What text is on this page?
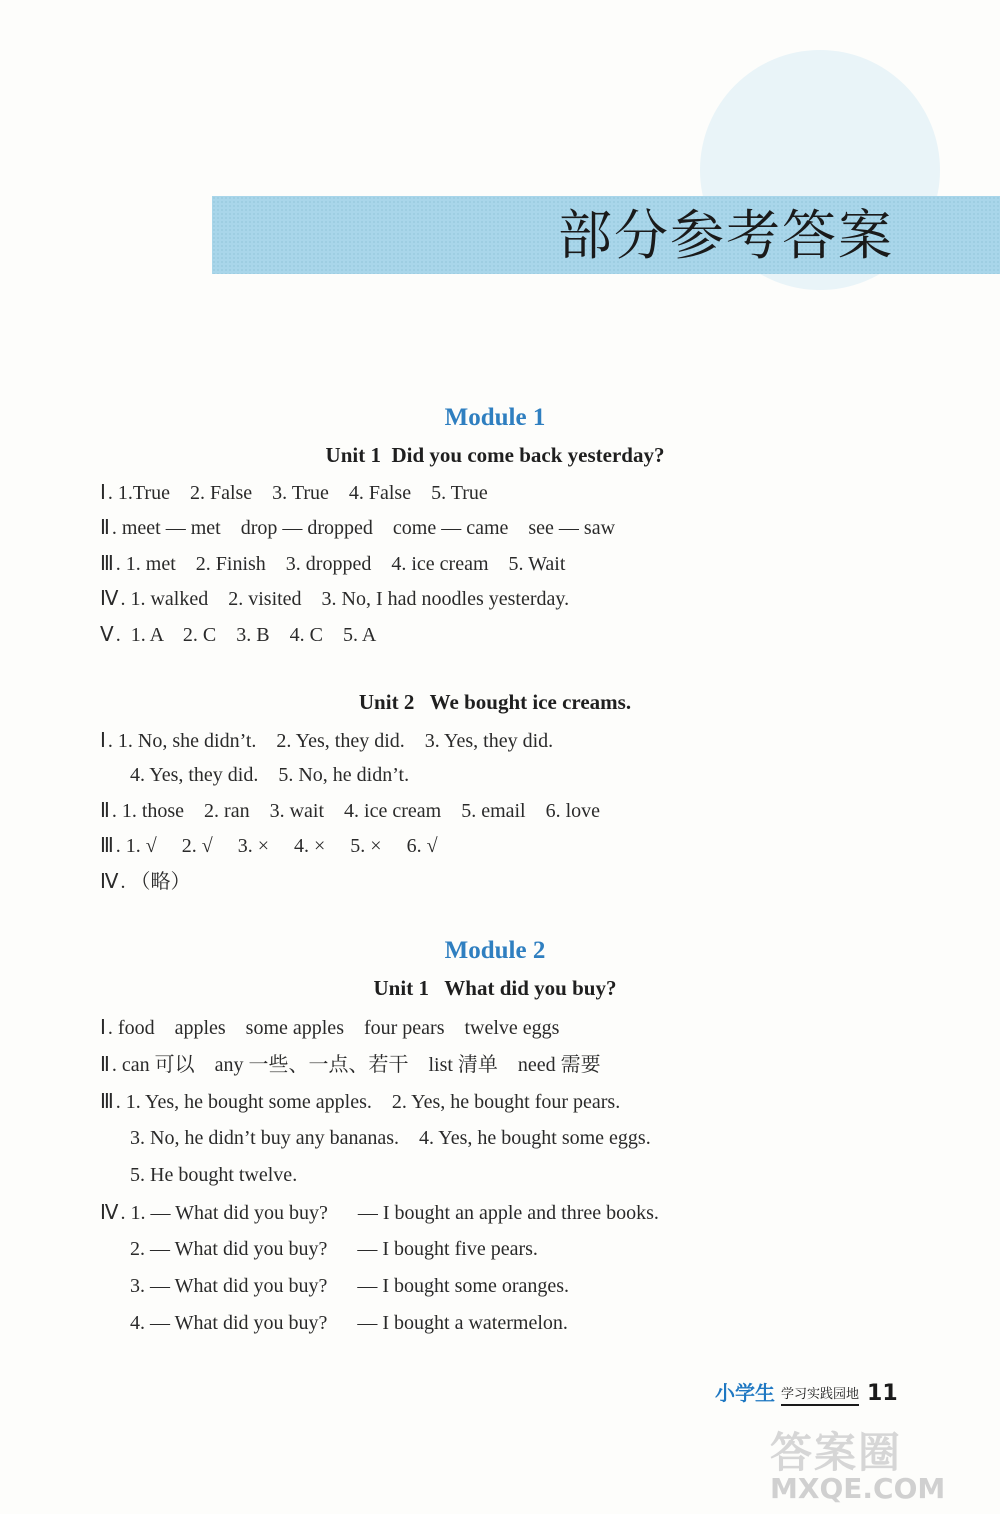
部分参考答案
Module 1
Unit 1  Did you come back yesterday?
Ⅰ . 1.True    2. False    3. True    4. False    5. True
Ⅱ . meet — met    drop — dropped    come — came    see — saw
Ⅲ . 1. met    2. Finish    3. dropped    4. ice cream    5. Wait
Ⅳ . 1. walked    2. visited    3. No, I had noodles yesterday.
Ⅴ .  1. A    2. C    3. B    4. C    5. A
Unit 2   We bought ice creams.
Ⅰ . 1. No, she didn’t.    2. Yes, they did.    3. Yes, they did.
4. Yes, they did.    5. No, he didn’t.
Ⅱ . 1. those    2. ran    3. wait    4. ice cream    5. email    6. love
Ⅲ . 1. √     2. √     3. ×     4. ×     5. ×     6. √
Ⅳ . （略）
Module 2
Unit 1   What did you buy?
Ⅰ . food    apples    some apples    four pears    twelve eggs
Ⅱ . can 可以    any 一些、一点、若干    list 清单    need 需要
Ⅲ . 1. Yes, he bought some apples.    2. Yes, he bought four pears.
3. No, he didn’t buy any bananas.    4. Yes, he bought some eggs.
5. He bought twelve.
Ⅳ . 1. — What did you buy?      — I bought an apple and three books.
2. — What did you buy?      — I bought five pears.
3. — What did you buy?      — I bought some oranges.
4. — What did you buy?      — I bought a watermelon.
小学生 学习实践园地 11
答案圈
MXQE.COM
